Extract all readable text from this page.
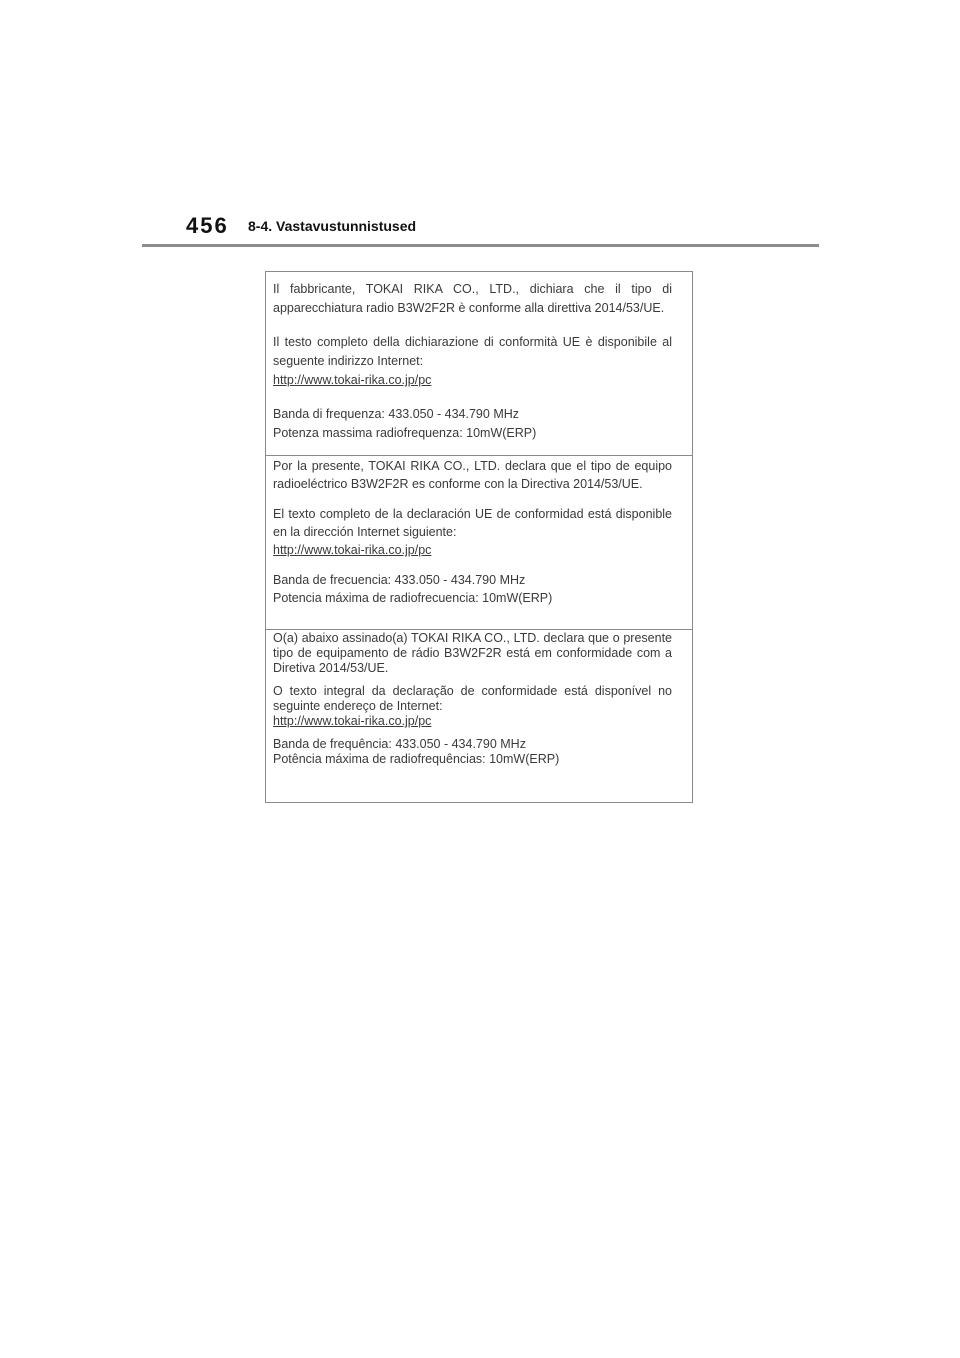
456 8-4. Vastavustunnistused

Il fabbricante, TOKAI RIKA CO., LTD., dichiara che il tipo di apparecchiatura radio B3W2F2R è conforme alla direttiva 2014/53/UE.

Il testo completo della dichiarazione di conformità UE è disponibile al seguente indirizzo Internet:

http://www.tokai-rika.co.jp/pc
Banda di frequenza: 433.050 - 434.790 MHz
Potenza massima radiofrequenza: 10mW(ERP)

Por la presente, TOKAI RIKA CO., LTD. declara que el tipo de equipo radioeléctrico B3W2F2R es conforme con la Directiva 2014/53/UE.

El texto completo de la declaración UE de conformidad está disponible en la dirección Internet siguiente:

http://www.tokai-rika.co.jp/pc
Banda de frecuencia: 433.050 - 434.790 MHz
Potencia máxima de radiofrecuencia: 10mW(ERP)

O(a) abaixo assinado(a) TOKAI RIKA CO., LTD. declara que o presente tipo de equipamento de rádio B3W2F2R está em conformidade com a Diretiva 2014/53/UE.

O texto integral da declaração de conformidade está disponível no seguinte endereço de Internet:

http://www.tokai-rika.co.jp/pc
Banda de frequência: 433.050 - 434.790 MHz
Potência máxima de radiofrequências: 10mW(ERP)
